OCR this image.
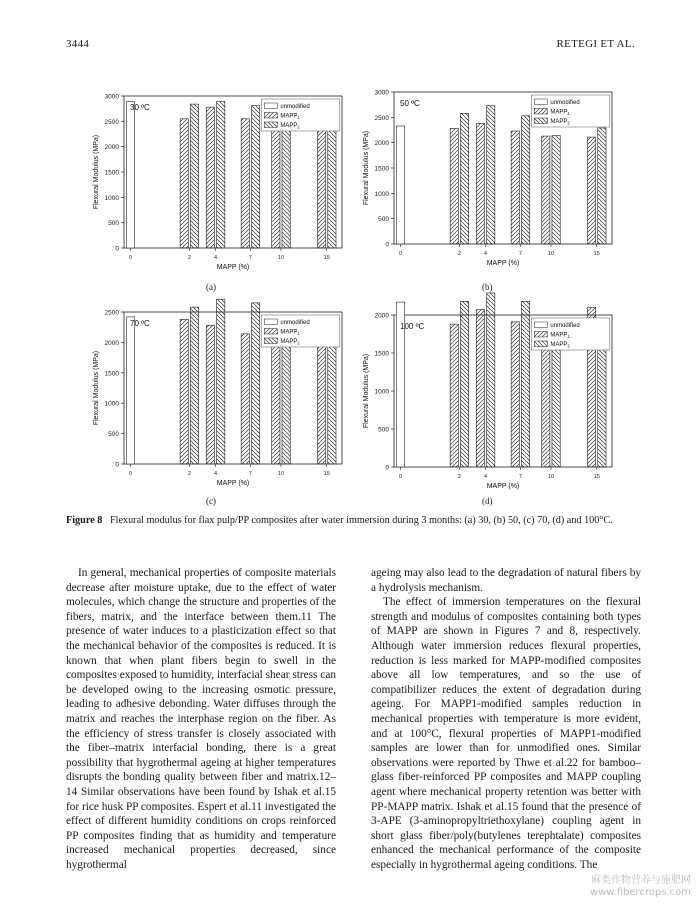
3444	RETEGI ET AL.
0
500
1000
1500
2000
2500
3000
0	2	4	7	10	15
30 ºC	unmodified
$MAPP_1$
$MAPP_2$
MAPP (%)
Flexural Modulus (MPa)
0
500
1000
1500
2000
2500
3000
0	2	4	7	10	15
50 ºC	unmodified
$MAPP_1$
$MAPP_2$
MAPP (%)
Flexural Modulus (MPa)
0
500
1000
1500
2000
2500
0	2	4	7	10	15
70 ºC	unmodified
$MAPP_1$
$MAPP_2$
MAPP (%)
Flexural Modulus (MPa)
0
500
1000
1500
2000
0	2	4	7	10	15
100 ºC	unmodified
$MAPP_1$
$MAPP_2$
MAPP (%)
Flexural Modulus (MPa)
(a)	(b)
(c)	(d)
Figure 8 Flexural modulus for flax pulp/PP composites after water immersion during 3 months: (a) 30, (b) 50, (c) 70, (d) and 100°C.

In general, mechanical properties of composite materials decrease after moisture uptake, due to the effect of water molecules, which change the structure and properties of the fibers, matrix, and the interface between them.11 The presence of water induces to a plasticization effect so that the mechanical behavior of the composites is reduced. It is known that when plant fibers begin to swell in the composites exposed to humidity, interfacial shear stress can be developed owing to the increasing osmotic pressure, leading to adhesive debonding. Water diffuses through the matrix and reaches the interphase region on the fiber. As the efficiency of stress transfer is closely associated with the fiber–matrix interfacial bonding, there is a great possibility that hygrothermal ageing at higher temperatures disrupts the bonding quality between fiber and matrix.12–14 Similar observations have been found by Ishak et al.15 for rice husk PP composites. Espert et al.11 investigated the effect of different humidity conditions on crops reinforced PP composites finding that as humidity and temperature increased mechanical properties decreased, since hygrothermal

ageing may also lead to the degradation of natural fibers by a hydrolysis mechanism.

The effect of immersion temperatures on the flexural strength and modulus of composites containing both types of MAPP are shown in Figures 7 and 8, respectively. Although water immersion reduces flexural properties, reduction is less marked for MAPP-modified composites above all low temperatures, and so the use of compatibilizer reduces the extent of degradation during ageing. For MAPP1-modified samples reduction in mechanical properties with temperature is more evident, and at 100°C, flexural properties of MAPP1-modified samples are lower than for unmodified ones. Similar observations were reported by Thwe et al.22 for bamboo–glass fiber-reinforced PP composites and MAPP coupling agent where mechanical property retention was better with PP-MAPP matrix. Ishak et al.15 found that the presence of 3-APE (3-aminopropyltriethoxylane) coupling agent in short glass fiber/poly(butylenes terephtalate) composites enhanced the mechanical performance of the composite especially in hygrothermal ageing conditions. The

麻类作物营养与施肥网
www.fibercrops.com
